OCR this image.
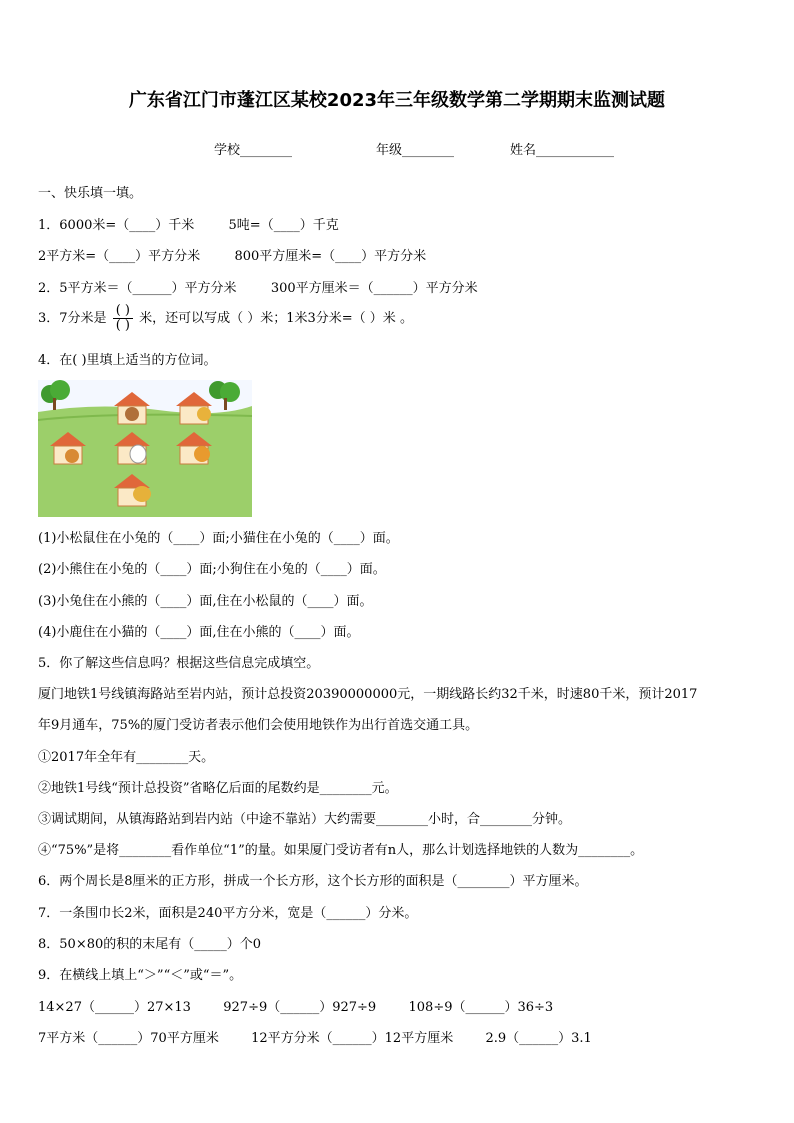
广东省江门市蓬江区某校2023年三年级数学第二学期期末监测试题
学校________	年级________	姓名____________
一、快乐填一填。
1．6000米=（____）千米	5吨=（____）千克
2平方米=（____）平方分米	800平方厘米=（____）平方分米
2．5平方米＝（______）平方分米	300平方厘米＝（______）平方分米
3．7分米是 $\frac{( )}{( )}$ 米，还可以写成（ ）米；1米3分米=（ ）米 。
4．在( )里填上适当的方位词。
(1)小松鼠住在小兔的（____）面;小猫住在小兔的（____）面。
(2)小熊住在小兔的（____）面;小狗住在小兔的（____）面。
(3)小兔住在小熊的（____）面,住在小松鼠的（____）面。
(4)小鹿住在小猫的（____）面,住在小熊的（____）面。
5．你了解这些信息吗？根据这些信息完成填空。
厦门地铁1号线镇海路站至岩内站，预计总投资20390000000元，一期线路长约32千米，时速80千米，预计2017
年9月通车，75%的厦门受访者表示他们会使用地铁作为出行首选交通工具。
①2017年全年有________天。
②地铁1号线“预计总投资”省略亿后面的尾数约是________元。
③调试期间，从镇海路站到岩内站（中途不靠站）大约需要________小时，合________分钟。
④“75%”是将________看作单位“1”的量。如果厦门受访者有n人，那么计划选择地铁的人数为________。
6．两个周长是8厘米的正方形，拼成一个长方形，这个长方形的面积是（________）平方厘米。
7．一条围巾长2米，面积是240平方分米，宽是（______）分米。
8．50×80的积的末尾有（_____）个0
9．在横线上填上“＞”“＜”或“＝”。
14×27（______）27×13 927÷9（______）927÷9 108÷9（______）36÷3
7平方米（______）70平方厘米 12平方分米（______）12平方厘米 2.9（______）3.1
